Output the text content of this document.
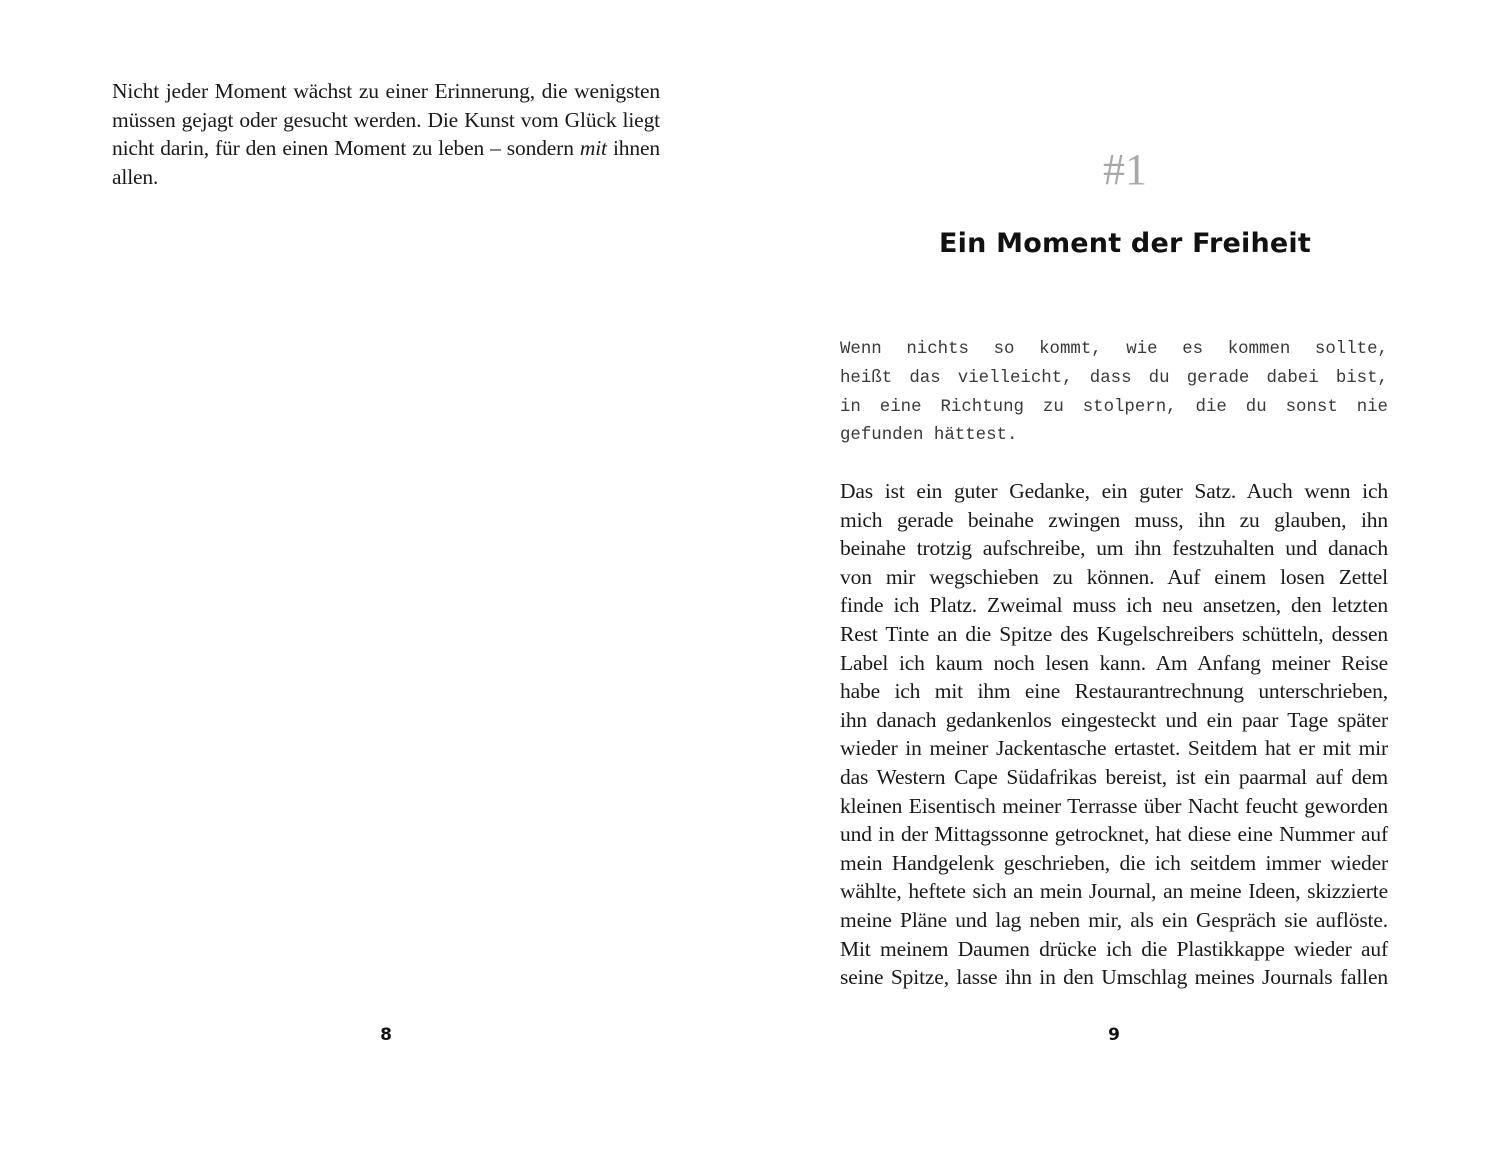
Nicht jeder Moment wächst zu einer Erinnerung, die wenigsten müssen gejagt oder gesucht werden. Die Kunst vom Glück liegt nicht darin, für den einen Moment zu leben – sondern mit ihnen allen.

8
#1
Ein Moment der Freiheit
Wenn nichts so kommt, wie es kommen sollte,
heißt das vielleicht, dass du gerade dabei bist,
in eine Richtung zu stolpern, die du sonst nie
gefunden hättest.
Das ist ein guter Gedanke, ein guter Satz. Auch wenn ich
mich gerade beinahe zwingen muss, ihn zu glauben, ihn
beinahe trotzig aufschreibe, um ihn festzuhalten und danach
von mir wegschieben zu können. Auf einem losen Zettel
finde ich Platz. Zweimal muss ich neu ansetzen, den letzten
Rest Tinte an die Spitze des Kugelschreibers schütteln, dessen
Label ich kaum noch lesen kann. Am Anfang meiner Reise
habe ich mit ihm eine Restaurantrechnung unterschrieben,
ihn danach gedankenlos eingesteckt und ein paar Tage später
wieder in meiner Jackentasche ertastet. Seitdem hat er mit mir
das Western Cape Südafrikas bereist, ist ein paarmal auf dem
kleinen Eisentisch meiner Terrasse über Nacht feucht geworden
und in der Mittagssonne getrocknet, hat diese eine Nummer auf
mein Handgelenk geschrieben, die ich seitdem immer wieder
wählte, heftete sich an mein Journal, an meine Ideen, skizzierte
meine Pläne und lag neben mir, als ein Gespräch sie auflöste.
Mit meinem Daumen drücke ich die Plastikkappe wieder auf
seine Spitze, lasse ihn in den Umschlag meines Journals fallen
9
